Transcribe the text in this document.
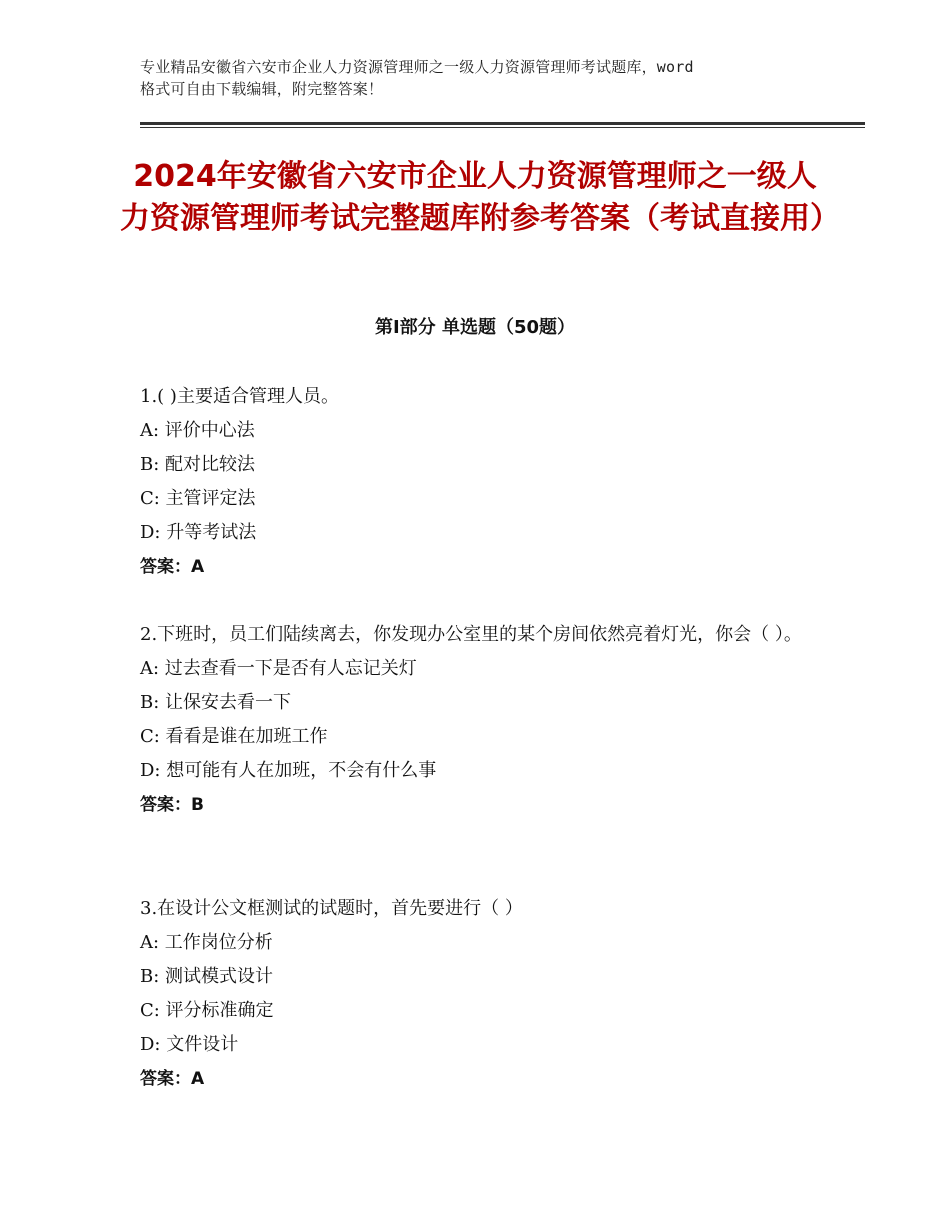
专业精品安徽省六安市企业人力资源管理师之一级人力资源管理师考试题库，word
格式可自由下载编辑，附完整答案！
2024年安徽省六安市企业人力资源管理师之一级人力资源管理师考试完整题库附参考答案（考试直接用）
第Ⅰ部分 单选题（50题）
1.( )主要适合管理人员。
A: 评价中心法
B: 配对比较法
C: 主管评定法
D: 升等考试法
答案：A
2.下班时，员工们陆续离去，你发现办公室里的某个房间依然亮着灯光，你会（ ）。
A: 过去查看一下是否有人忘记关灯
B: 让保安去看一下
C: 看看是谁在加班工作
D: 想可能有人在加班，不会有什么事
答案：B
3.在设计公文框测试的试题时，首先要进行（ ）
A: 工作岗位分析
B: 测试模式设计
C: 评分标准确定
D: 文件设计
答案：A
